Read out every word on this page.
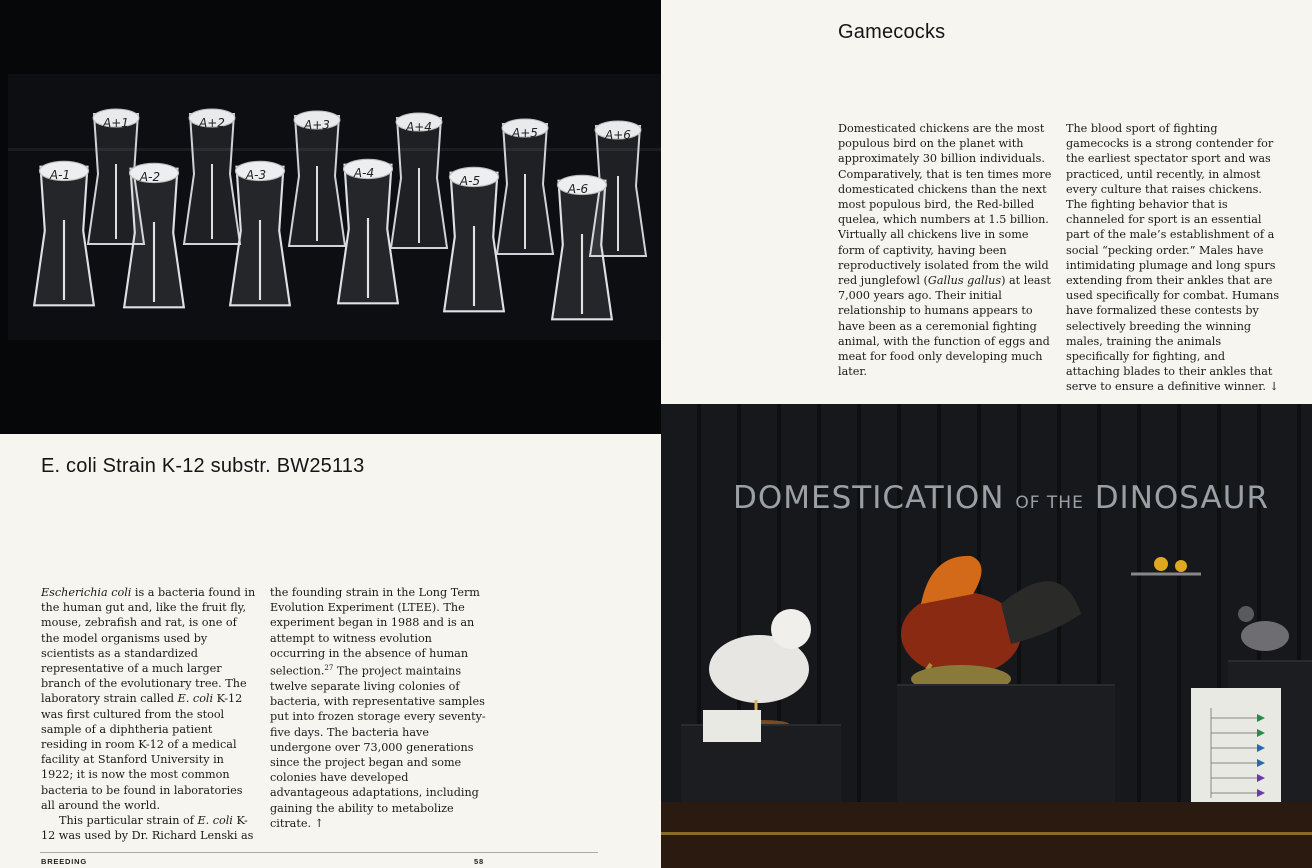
A+1	A+2	A+3	A+4	A+5	A+6
A-1	A-2	A-3	A-4
A-5
A-6
E. coli Strain K-12 substr. BW25113

Escherichia coli is a bacteria found in the human gut and, like the fruit fly, mouse, zebrafish and rat, is one of the model organisms used by scientists as a standardized representative of a much larger branch of the evolutionary tree. The laboratory strain called E. coli K-12 was first cultured from the stool sample of a diphtheria patient residing in room K-12 of a medical facility at Stanford University in 1922; it is now the most common bacteria to be found in laboratories all around the world.

This particular strain of E. coli K-12 was used by Dr. Richard Lenski as

the founding strain in the Long Term Evolution Experiment (LTEE). The experiment began in 1988 and is an attempt to witness evolution occurring in the absence of human selection.$^{27}$ The project maintains twelve separate living colonies of bacteria, with representative samples put into frozen storage every seventy-five days. The bacteria have undergone over 73,000 generations since the project began and some colonies have developed advantageous adaptations, including gaining the ability to metabolize citrate. ↑

BREEDING	58
Gamecocks

Domesticated chickens are the most populous bird on the planet with approximately 30 billion individuals. Comparatively, that is ten times more domesticated chickens than the next most populous bird, the Red-billed quelea, which numbers at 1.5 billion. Virtually all chickens live in some form of captivity, having been reproductively isolated from the wild red junglefowl (Gallus gallus) at least 7,000 years ago. Their initial relationship to humans appears to have been as a ceremonial fighting animal, with the function of eggs and meat for food only developing much later.

The blood sport of fighting gamecocks is a strong contender for the earliest spectator sport and was practiced, until recently, in almost every culture that raises chickens. The fighting behavior that is channeled for sport is an essential part of the male’s establishment of a social “pecking order.” Males have intimidating plumage and long spurs extending from their ankles that are used specifically for combat. Humans have formalized these contests by selectively breeding the winning males, training the animals specifically for fighting, and attaching blades to their ankles that serve to ensure a definitive winner. ↓

DOMESTICATION OF THE DINOSAUR
